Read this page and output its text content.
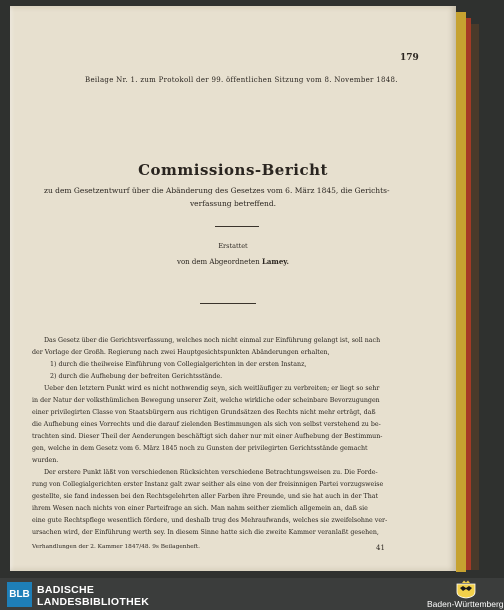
179
Beilage Nr. 1. zum Protokoll der 99. öffentlichen Sitzung vom 8. November 1848.
Commissions-Bericht
zu dem Gesetzentwurf über die Abänderung des Gesetzes vom 6. März 1845, die Gerichts-
verfassung betreffend.
Erstattet
von dem Abgeordneten Lamey.
Das Gesetz über die Gerichtsverfassung, welches noch nicht einmal zur Einführung gelangt ist, soll nach
der Vorlage der Großh. Regierung nach zwei Hauptgesichtspunkten Abänderungen erhalten,
1) durch die theilweise Einführung von Collegialgerichten in der ersten Instanz,
2) durch die Aufhebung der befreiten Gerichtsstände.
Ueber den letztern Punkt wird es nicht nothwendig seyn, sich weitläufiger zu verbreiten; er liegt so sehr
in der Natur der volksthümlichen Bewegung unserer Zeit, welche wirkliche oder scheinbare Bevorzugungen
einer privilegirten Classe von Staatsbürgern aus richtigen Grundsätzen des Rechts nicht mehr erträgt, daß
die Aufhebung eines Vorrechts und die darauf zielenden Bestimmungen als sich von selbst verstehend zu be-
trachten sind. Dieser Theil der Aenderungen beschäftigt sich daher nur mit einer Aufhebung der Bestimmun-
gen, welche in dem Gesetz vom 6. März 1845 noch zu Gunsten der privilegirten Gerichtsstände gemacht
wurden.
Der erstere Punkt läßt von verschiedenen Rücksichten verschiedene Betrachtungsweisen zu. Die Forde-
rung von Collegialgerichten erster Instanz galt zwar seither als eine von der freisinnigen Partei vorzugsweise
gestellte, sie fand indessen bei den Rechtsgelehrten aller Farben ihre Freunde, und sie hat auch in der That
ihrem Wesen nach nichts von einer Parteifrage an sich. Man nahm seither ziemlich allgemein an, daß sie
eine gute Rechtspflege wesentlich fördere, und deshalb trug des Mehraufwands, welches sie zweifelsohne ver-
ursachen wird, der Einführung werth sey. In diesem Sinne hatte sich die zweite Kammer veranlaßt gesehen,
Verhandlungen der 2. Kammer 1847/48. 9s Beilagenheft.	41
BLB BADISCHE
LANDESBIBLIOTHEK	Baden-Württemberg
